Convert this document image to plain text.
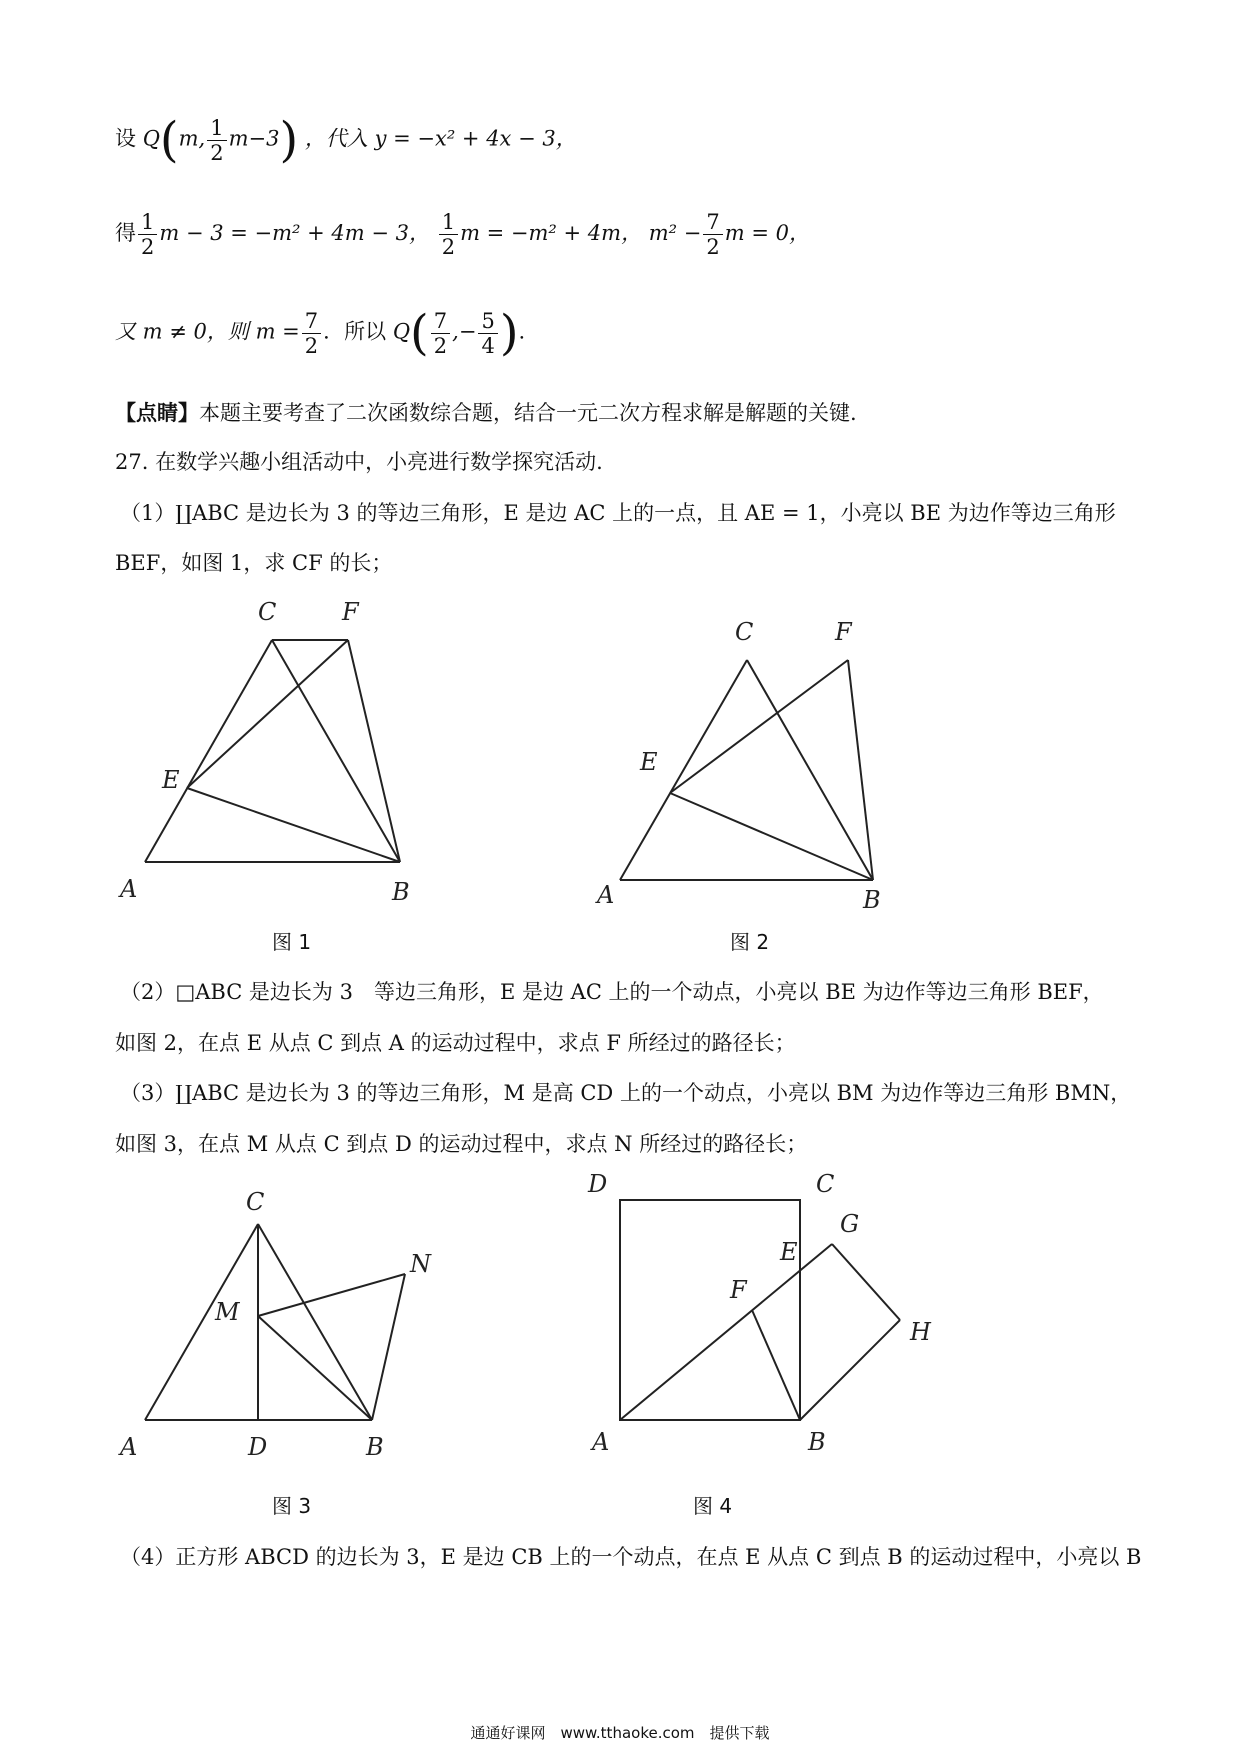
设 Q(m, $\frac{1}{2} m-3$) ，代入 y = −x² + 4x − 3，
得 $\frac{1}{2}$ m − 3 = −m² + 4m − 3， $\frac{1}{2}$ m = −m² + 4m， $m^2 - \frac{7}{2}$ m = 0，
又 m ≠ 0，则 $m = \frac{7}{2}$ ．所以 $Q( \frac{7}{2}$ ,− $\frac{5}{4}$ ).
【点睛】本题主要考查了二次函数综合题，结合一元二次方程求解是解题的关键.
27. 在数学兴趣小组活动中，小亮进行数学探究活动.
（1）∐ABC 是边长为 3 的等边三角形，E 是边 AC 上的一点，且 AE = 1，小亮以 BE 为边作等边三角形
BEF，如图 1，求 CF 的长；
C	F
E
A	B
图 1
C	F
E
A	B
图 2
（2）□ABC 是边长为 3　等边三角形，E 是边 AC 上的一个动点，小亮以 BE 为边作等边三角形 BEF，
如图 2，在点 E 从点 C 到点 A 的运动过程中，求点 F 所经过的路径长；
（3）∐ABC 是边长为 3 的等边三角形，M 是高 CD 上的一个动点，小亮以 BM 为边作等边三角形 BMN，
如图 3，在点 M 从点 C 到点 D 的运动过程中，求点 N 所经过的路径长；
C
N
M
A	D	B
图 3
D	C
G
E
F
H
A	B
图 4
（4）正方形 ABCD 的边长为 3，E 是边 CB 上的一个动点，在点 E 从点 C 到点 B 的运动过程中，小亮以 B
通通好课网　www.tthaoke.com　提供下载
